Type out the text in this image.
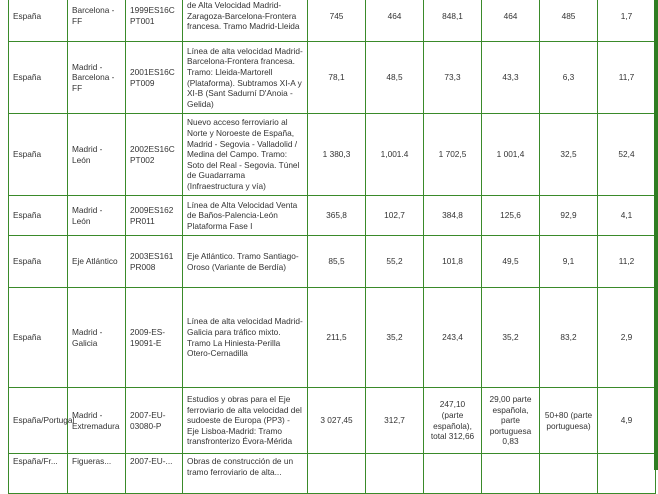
España	Barcelona - FF	1999ES16C PT001	de Alta Velocidad Madrid-Zaragoza-Barcelona-Frontera francesa. Tramo Madrid-Lleida	745	464	848,1	464	485	1,7
España	Madrid - Barcelona - FF	2001ES16C PT009	Línea de alta velocidad Madrid-Barcelona-Frontera francesa. Tramo: Lleida-Martorell (Plataforma). Subtramos XI-A y XI-B (Sant Sadurní D'Anoia - Gelida)	78,1	48,5	73,3	43,3	6,3	11,7
España	Madrid - León	2002ES16C PT002	Nuevo acceso ferroviario al Norte y Noroeste de España, Madrid - Segovia - Valladolid / Medina del Campo. Tramo: Soto del Real - Segovia. Túnel de Guadarrama (Infraestructura y vía)	1 380,3	1,001.4	1 702,5	1 001,4	32,5	52,4
España	Madrid - León	2009ES162 PR011	Línea de Alta Velocidad Venta de Baños-Palencia-León Plataforma Fase I	365,8	102,7	384,8	125,6	92,9	4,1
España	Eje Atlántico	2003ES161 PR008	Eje Atlántico. Tramo Santiago-Oroso (Variante de Berdía)	85,5	55,2	101,8	49,5	9,1	11,2
España	Madrid - Galicia	2009-ES-19091-E	Línea de alta velocidad Madrid-Galicia para tráfico mixto. Tramo La Hiniesta-Perilla Otero-Cernadilla	211,5	35,2	243,4	35,2	83,2	2,9
España/Portugal	Madrid - Extremadura	2007-EU-03080-P	Estudios y obras para el Eje ferroviario de alta velocidad del sudoeste de Europa (PP3) - Eje Lisboa-Madrid: Tramo transfronterizo Évora-Mérida	3 027,45	312,7	247,10 (parte española), total 312,66	29,00 parte española, parte portuguesa 0,83	50+80 (parte portuguesa)	4,9
España/Fr...	Figueras...	2007-EU-...	Obras de construcción de un tramo ferroviario de alta...						
